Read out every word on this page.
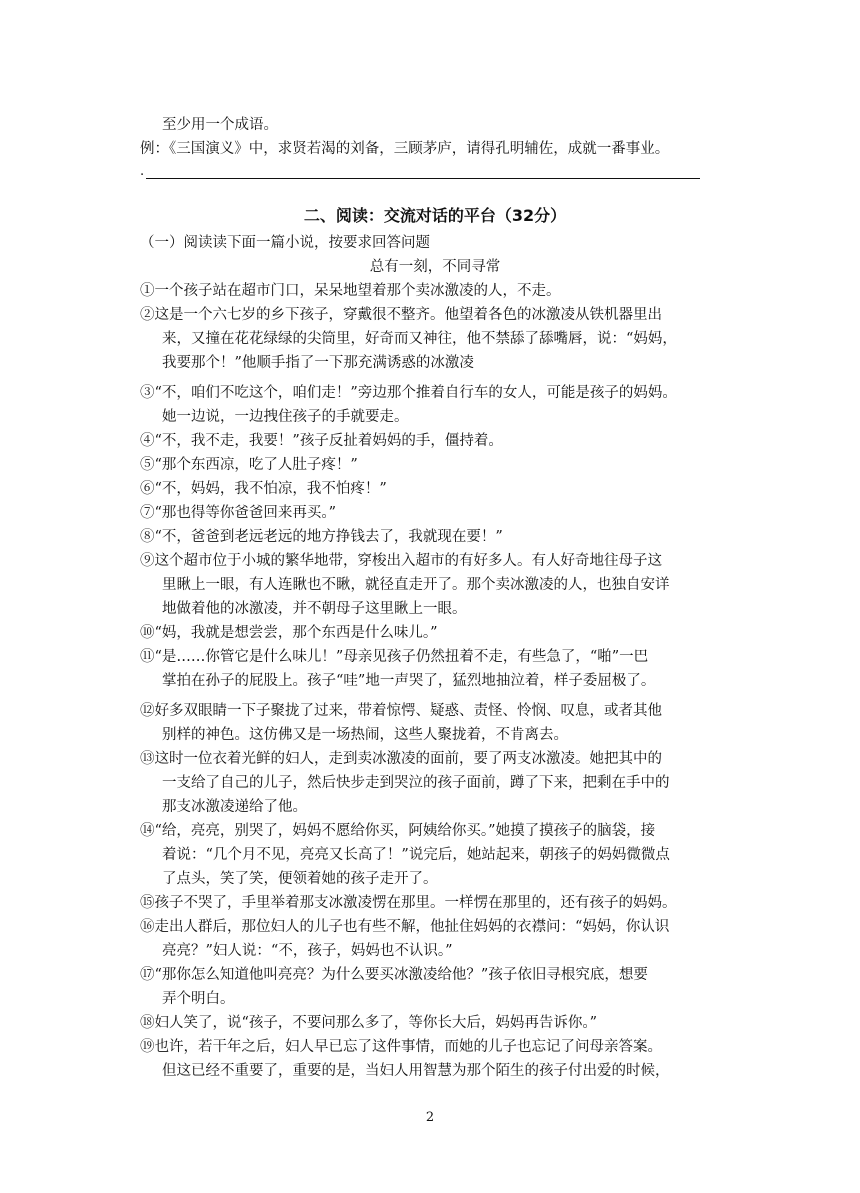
至少用一个成语。
例：《三国演义》中，求贤若渴的刘备，三顾茅庐，请得孔明辅佐，成就一番事业。
.
二、阅读：交流对话的平台（32分）
（一）阅读读下面一篇小说，按要求回答问题
总有一刻，不同寻常
①一个孩子站在超市门口，呆呆地望着那个卖冰激凌的人，不走。
②这是一个六七岁的乡下孩子，穿戴很不整齐。他望着各色的冰激凌从铁机器里出
来，又撞在花花绿绿的尖筒里，好奇而又神往，他不禁舔了舔嘴唇，说：“妈妈，
我要那个！”他顺手指了一下那充满诱惑的冰激凌
③“不，咱们不吃这个，咱们走！”旁边那个推着自行车的女人，可能是孩子的妈妈。
她一边说，一边拽住孩子的手就要走。
④“不，我不走，我要！”孩子反扯着妈妈的手，僵持着。
⑤“那个东西凉，吃了人肚子疼！”
⑥“不，妈妈，我不怕凉，我不怕疼！”
⑦“那也得等你爸爸回来再买。”
⑧“不，爸爸到老远老远的地方挣钱去了，我就现在要！”
⑨这个超市位于小城的繁华地带，穿梭出入超市的有好多人。有人好奇地往母子这
里瞅上一眼，有人连瞅也不瞅，就径直走开了。那个卖冰激凌的人，也独自安详
地做着他的冰激凌，并不朝母子这里瞅上一眼。
⑩“妈，我就是想尝尝，那个东西是什么味儿。”
⑪“是……你管它是什么味儿！”母亲见孩子仍然扭着不走，有些急了，“啪”一巴
掌拍在孙子的屁股上。孩子“哇”地一声哭了，猛烈地抽泣着，样子委屈极了。
⑫好多双眼睛一下子聚拢了过来，带着惊愕、疑惑、责怪、怜悯、叹息，或者其他
别样的神色。这仿佛又是一场热闹，这些人聚拢着，不肯离去。
⑬这时一位衣着光鲜的妇人，走到卖冰激凌的面前，要了两支冰激凌。她把其中的
一支给了自己的儿子，然后快步走到哭泣的孩子面前，蹲了下来，把剩在手中的
那支冰激凌递给了他。
⑭“给，亮亮，别哭了，妈妈不愿给你买，阿姨给你买。”她摸了摸孩子的脑袋，接
着说：“几个月不见，亮亮又长高了！”说完后，她站起来，朝孩子的妈妈微微点
了点头，笑了笑，便领着她的孩子走开了。
⑮孩子不哭了，手里举着那支冰激凌愣在那里。一样愣在那里的，还有孩子的妈妈。
⑯走出人群后，那位妇人的儿子也有些不解，他扯住妈妈的衣襟问：“妈妈，你认识
亮亮？”妇人说：“不，孩子，妈妈也不认识。”
⑰“那你怎么知道他叫亮亮？为什么要买冰激凌给他？”孩子依旧寻根究底，想要
弄个明白。
⑱妇人笑了，说“孩子，不要问那么多了，等你长大后，妈妈再告诉你。”
⑲也许，若干年之后，妇人早已忘了这件事情，而她的儿子也忘记了问母亲答案。
但这已经不重要了，重要的是，当妇人用智慧为那个陌生的孩子付出爱的时候，
2
